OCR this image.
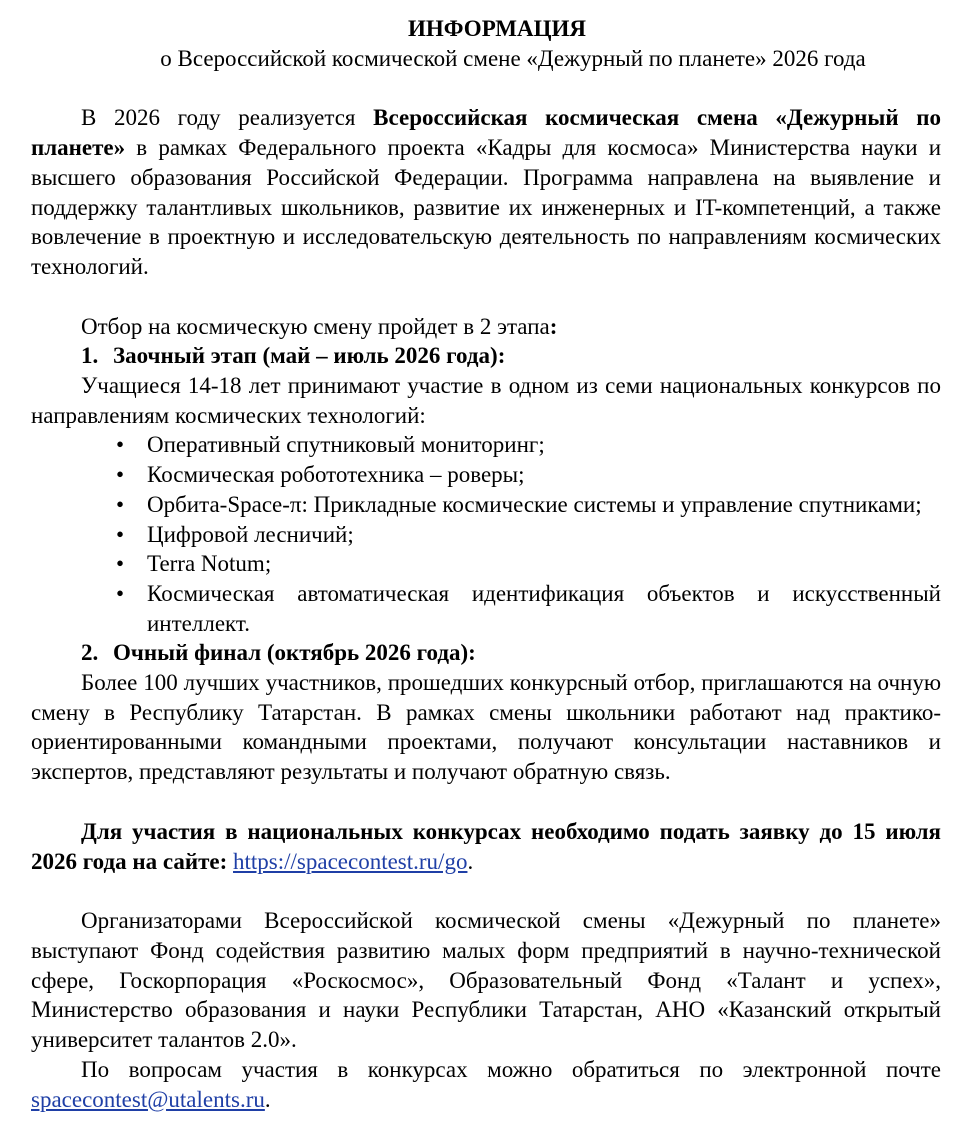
ИНФОРМАЦИЯ

о Всероссийской космической смене «Дежурный по планете» 2026 года

В 2026 году реализуется Всероссийская космическая смена «Дежурный по планете» в рамках Федерального проекта «Кадры для космоса» Министерства науки и высшего образования Российской Федерации. Программа направлена на выявление и поддержку талантливых школьников, развитие их инженерных и IT-компетенций, а также вовлечение в проектную и исследовательскую деятельность по направлениям космических технологий.

Отбор на космическую смену пройдет в 2 этапа:

1. Заочный этап (май – июль 2026 года):

Учащиеся 14-18 лет принимают участие в одном из семи национальных конкурсов по направлениям космических технологий:

• Оперативный спутниковый мониторинг;
• Космическая робототехника – роверы;
• Орбита-Space-π: Прикладные космические системы и управление спутниками;
• Цифровой лесничий;
• Terra Notum;
• Космическая автоматическая идентификация объектов и искусственный интеллект.

2. Очный финал (октябрь 2026 года):

Более 100 лучших участников, прошедших конкурсный отбор, приглашаются на очную смену в Республику Татарстан. В рамках смены школьники работают над практико-ориентированными командными проектами, получают консультации наставников и экспертов, представляют результаты и получают обратную связь.

Для участия в национальных конкурсах необходимо подать заявку до 15 июля 2026 года на сайте: https://spacecontest.ru/go.

Организаторами Всероссийской космической смены «Дежурный по планете» выступают Фонд содействия развитию малых форм предприятий в научно-технической сфере, Госкорпорация «Роскосмос», Образовательный Фонд «Талант и успех», Министерство образования и науки Республики Татарстан, АНО «Казанский открытый университет талантов 2.0».

По вопросам участия в конкурсах можно обратиться по электронной почте spacecontest@utalents.ru.
